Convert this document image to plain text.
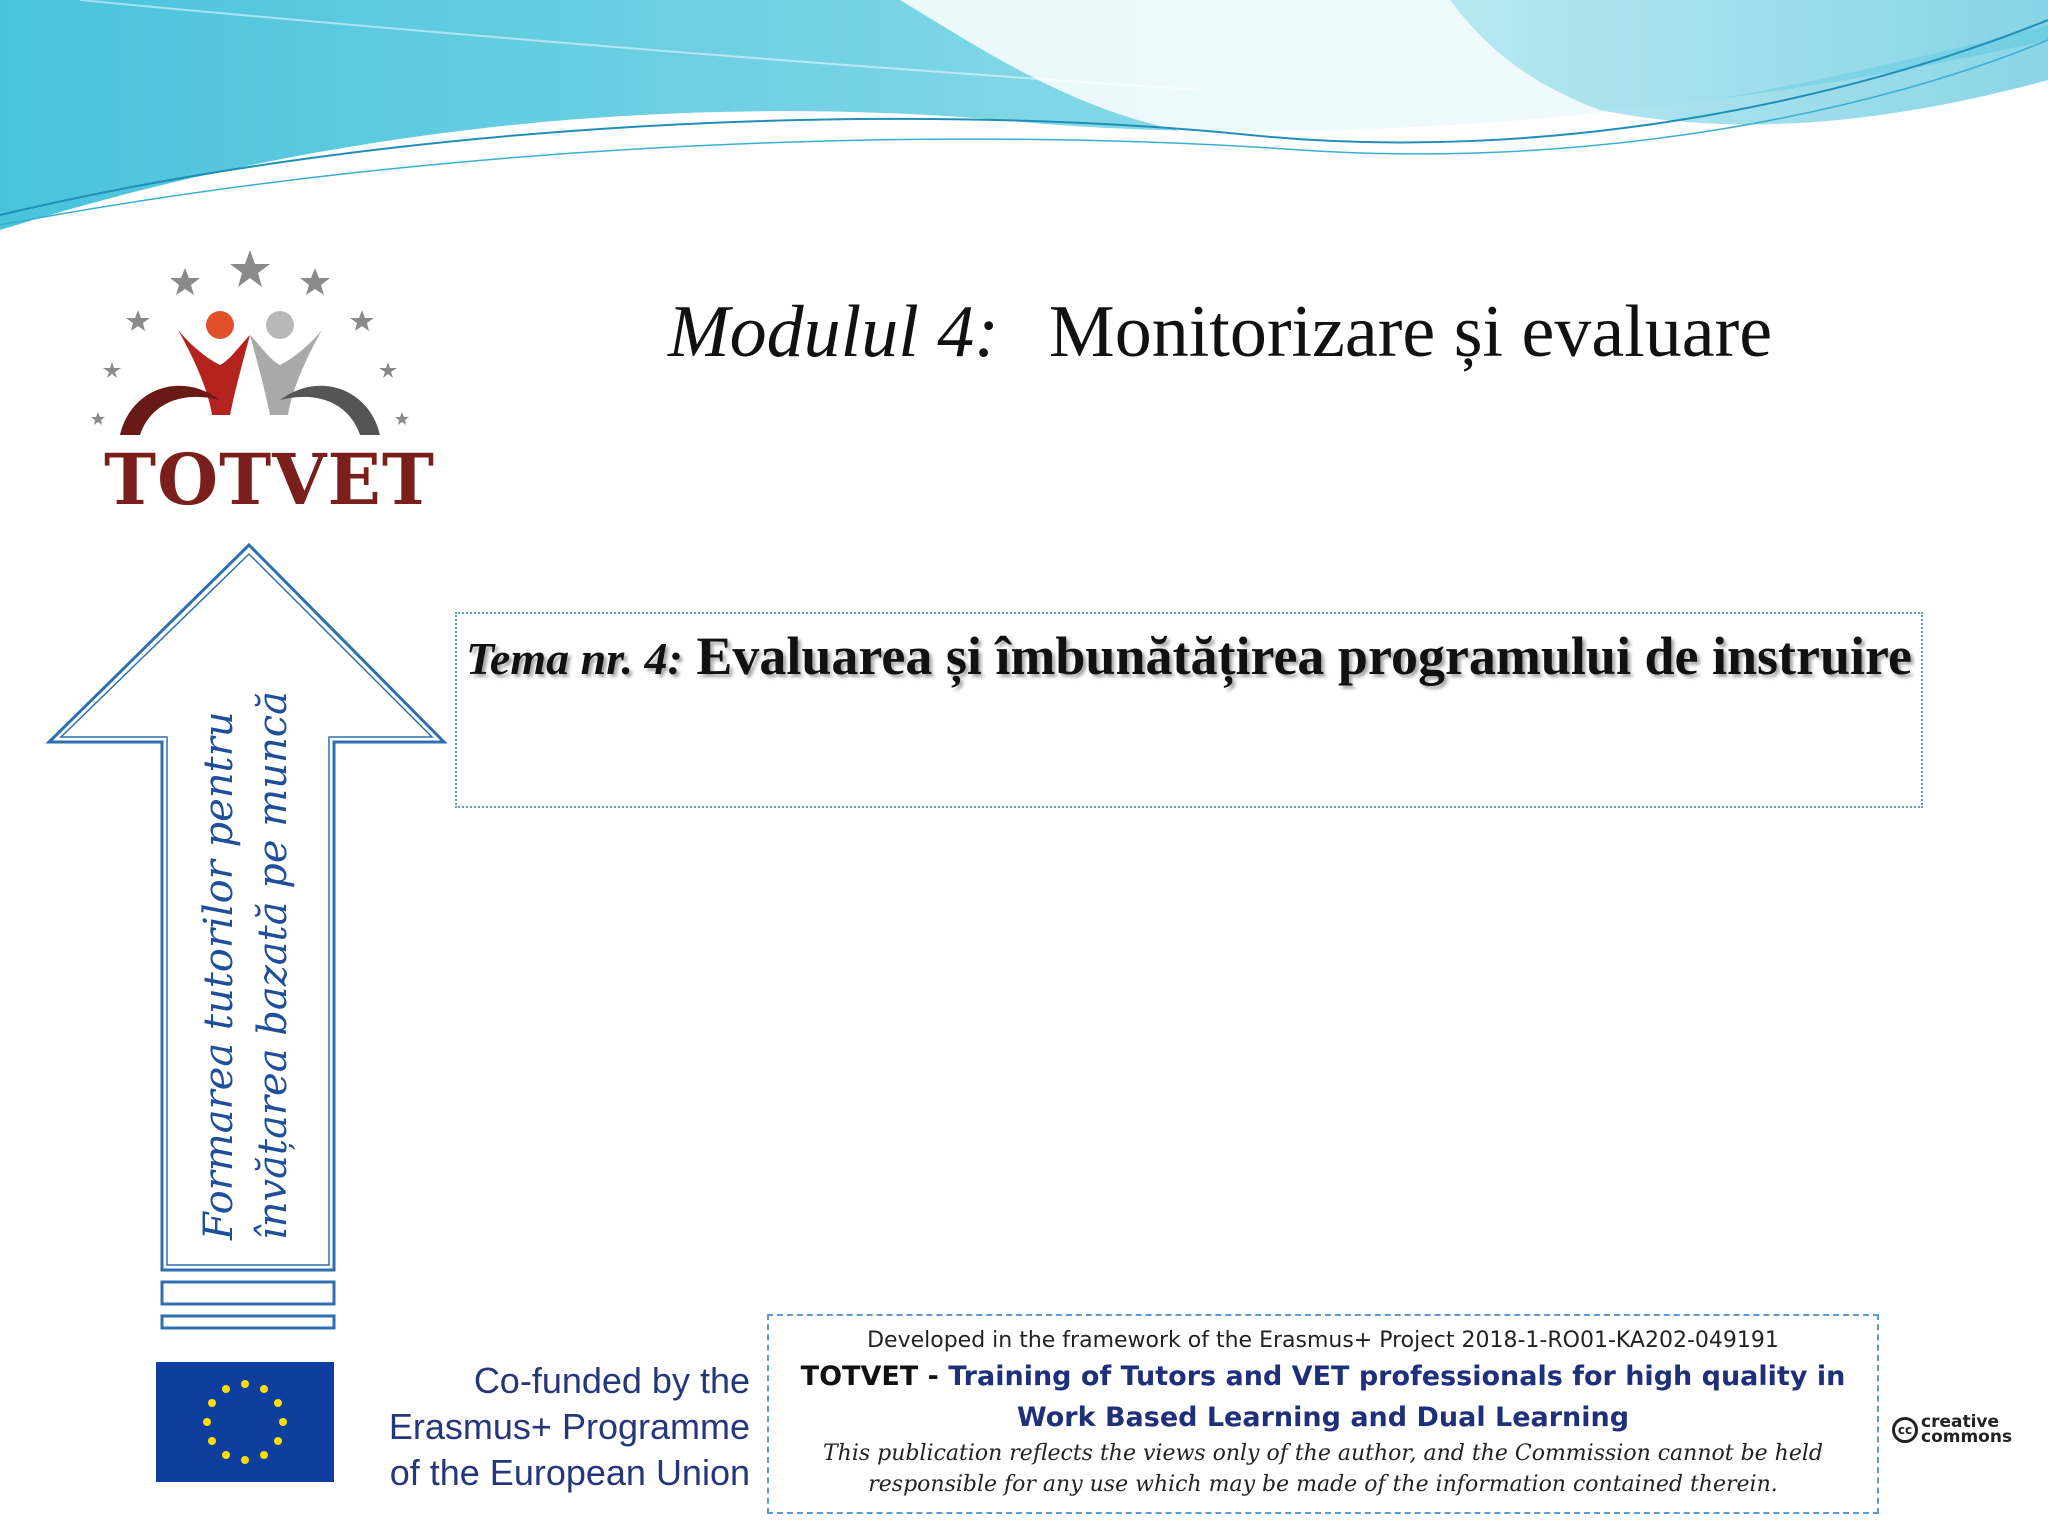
TOTVET
Modulul 4: Monitorizare și evaluare
Tema nr. 4: Evaluarea și îmbunătățirea programului de instruire
Formarea tutorilor pentru învățarea bazată pe muncă
Co-funded by the
Erasmus+ Programme
of the European Union
Developed in the framework of the Erasmus+ Project 2018-1-RO01-KA202-049191
TOTVET - Training of Tutors and VET professionals for high quality in Work Based Learning and Dual Learning
This publication reflects the views only of the author, and the Commission cannot be held responsible for any use which may be made of the information contained therein.
cc creative
commons
